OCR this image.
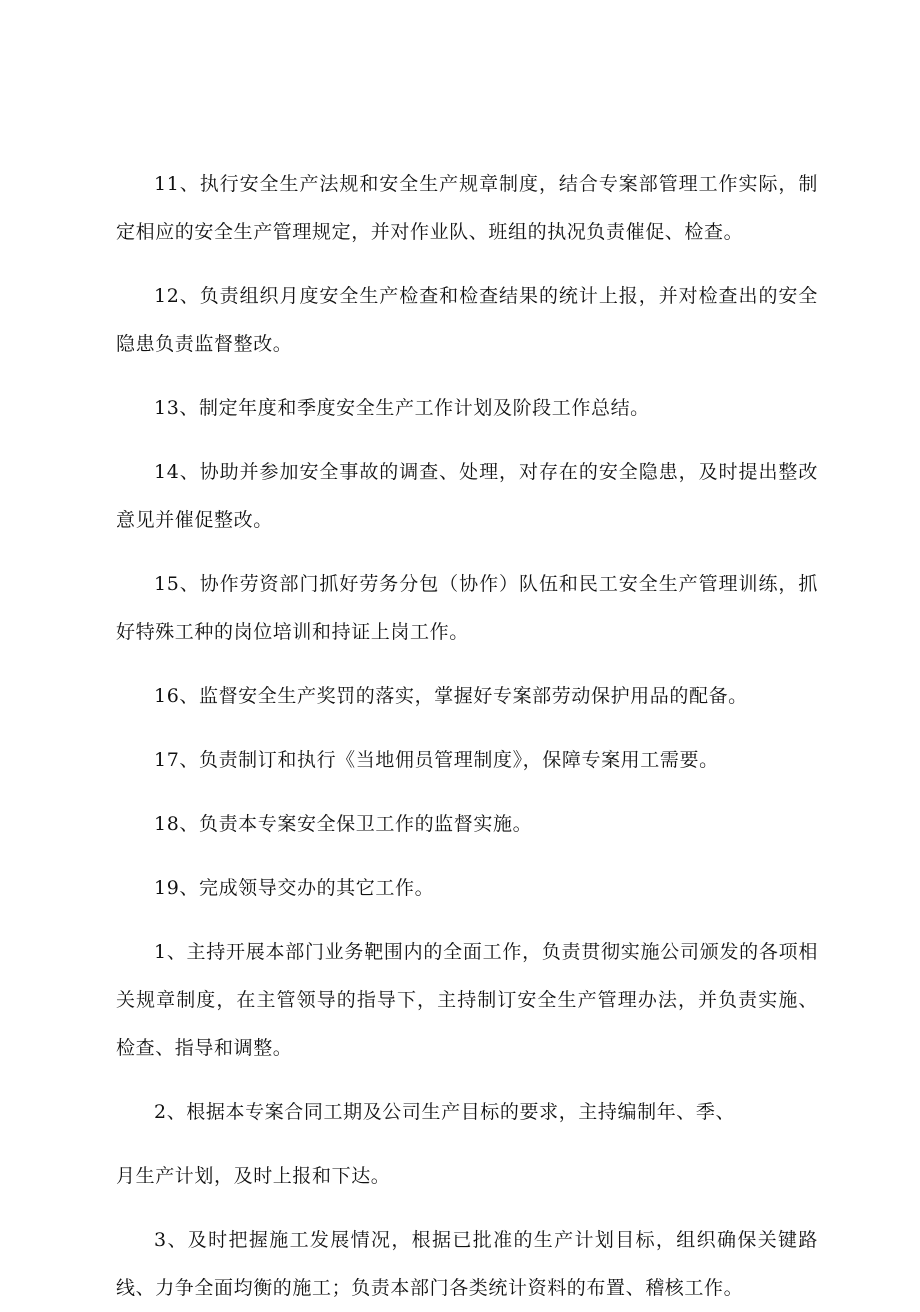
11、执行安全生产法规和安全生产规章制度，结合专案部管理工作实际，制定相应的安全生产管理规定，并对作业队、班组的执况负责催促、检查。

12、负责组织月度安全生产检查和检查结果的统计上报，并对检查出的安全隐患负责监督整改。

13、制定年度和季度安全生产工作计划及阶段工作总结。

14、协助并参加安全事故的调查、处理，对存在的安全隐患，及时提出整改意见并催促整改。

15、协作劳资部门抓好劳务分包（协作）队伍和民工安全生产管理训练，抓好特殊工种的岗位培训和持证上岗工作。

16、监督安全生产奖罚的落实，掌握好专案部劳动保护用品的配备。

17、负责制订和执行《当地佣员管理制度》，保障专案用工需要。

18、负责本专案安全保卫工作的监督实施。

19、完成领导交办的其它工作。

1、主持开展本部门业务靶围内的全面工作，负责贯彻实施公司颁发的各项相关规章制度，在主管领导的指导下，主持制订安全生产管理办法，并负责实施、检查、指导和调整。

2、根据本专案合同工期及公司生产目标的要求，主持编制年、季、

月生产计划，及时上报和下达。

3、及时把握施工发展情况，根据已批准的生产计划目标，组织确保关键路线、力争全面均衡的施工；负责本部门各类统计资料的布置、稽核工作。
